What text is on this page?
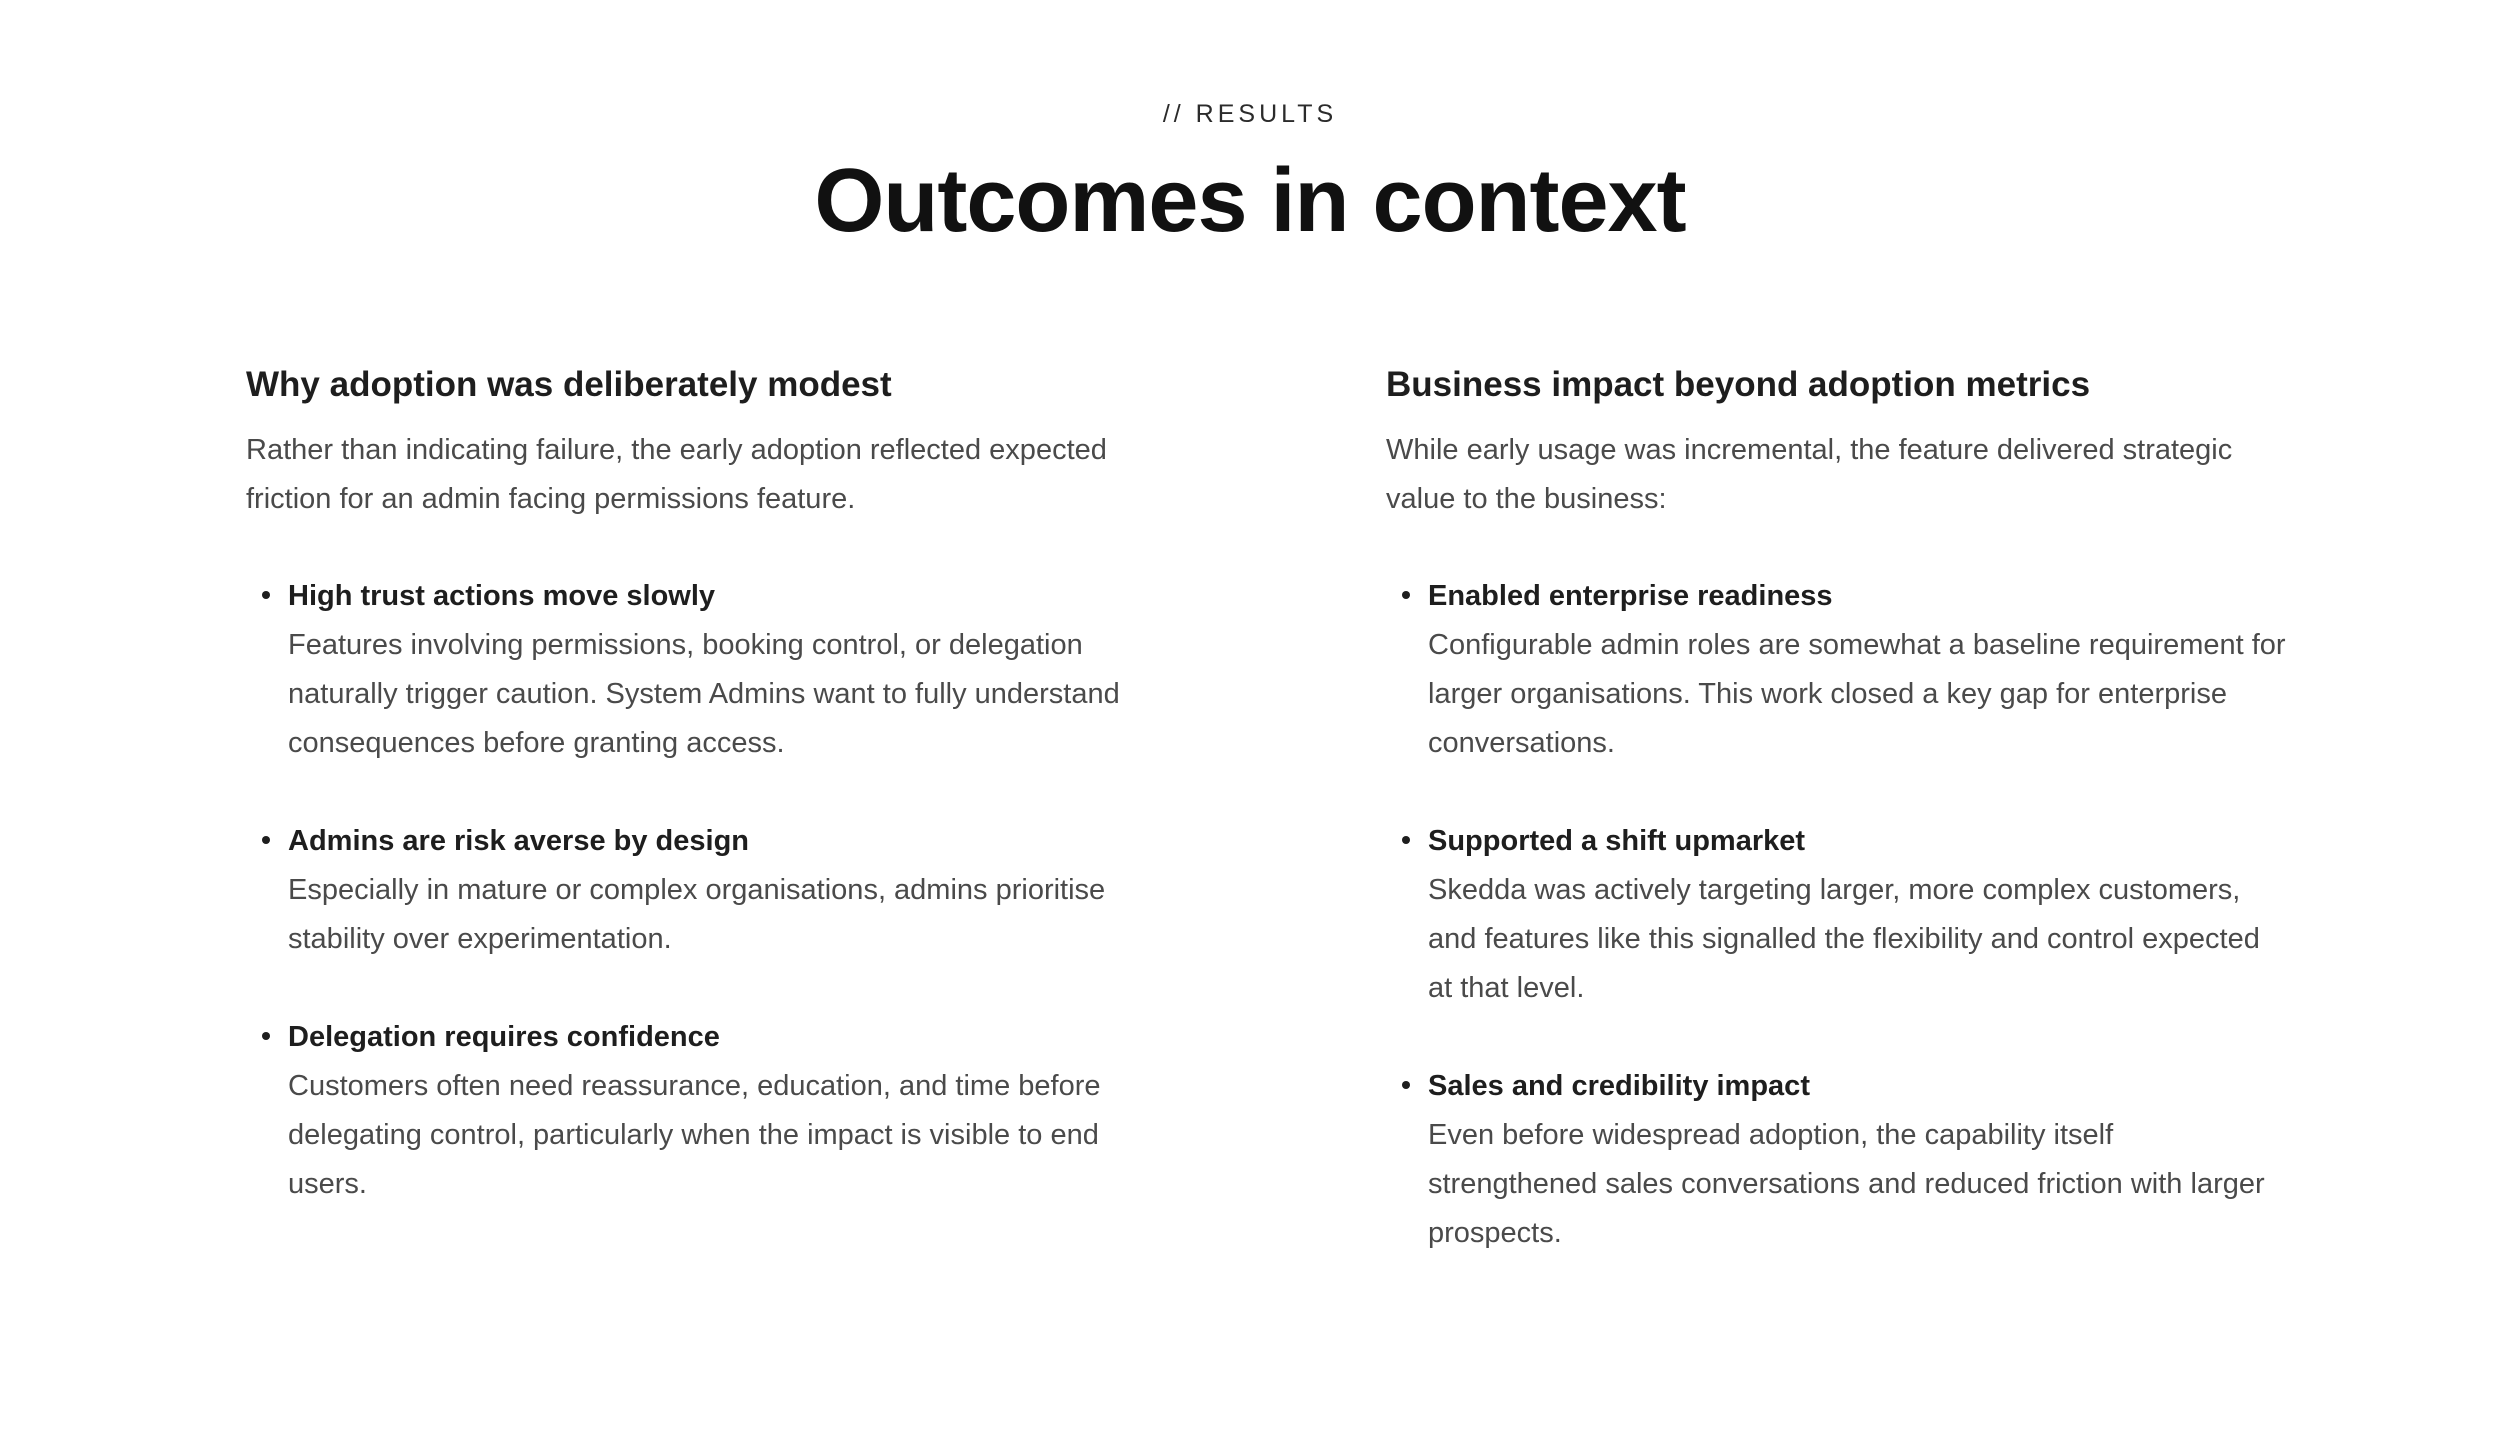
// RESULTS
Outcomes in context
Why adoption was deliberately modest

Rather than indicating failure, the early adoption reflected expected friction for an admin facing permissions feature.

High trust actions move slowly
Features involving permissions, booking control, or delegation naturally trigger caution. System Admins want to fully understand consequences before granting access.
Admins are risk averse by design
Especially in mature or complex organisations, admins prioritise stability over experimentation.
Delegation requires confidence
Customers often need reassurance, education, and time before delegating control, particularly when the impact is visible to end users.
Business impact beyond adoption metrics

While early usage was incremental, the feature delivered strategic value to the business:

Enabled enterprise readiness
Configurable admin roles are somewhat a baseline requirement for larger organisations. This work closed a key gap for enterprise conversations.
Supported a shift upmarket
Skedda was actively targeting larger, more complex customers, and features like this signalled the flexibility and control expected at that level.
Sales and credibility impact
Even before widespread adoption, the capability itself strengthened sales conversations and reduced friction with larger prospects.
